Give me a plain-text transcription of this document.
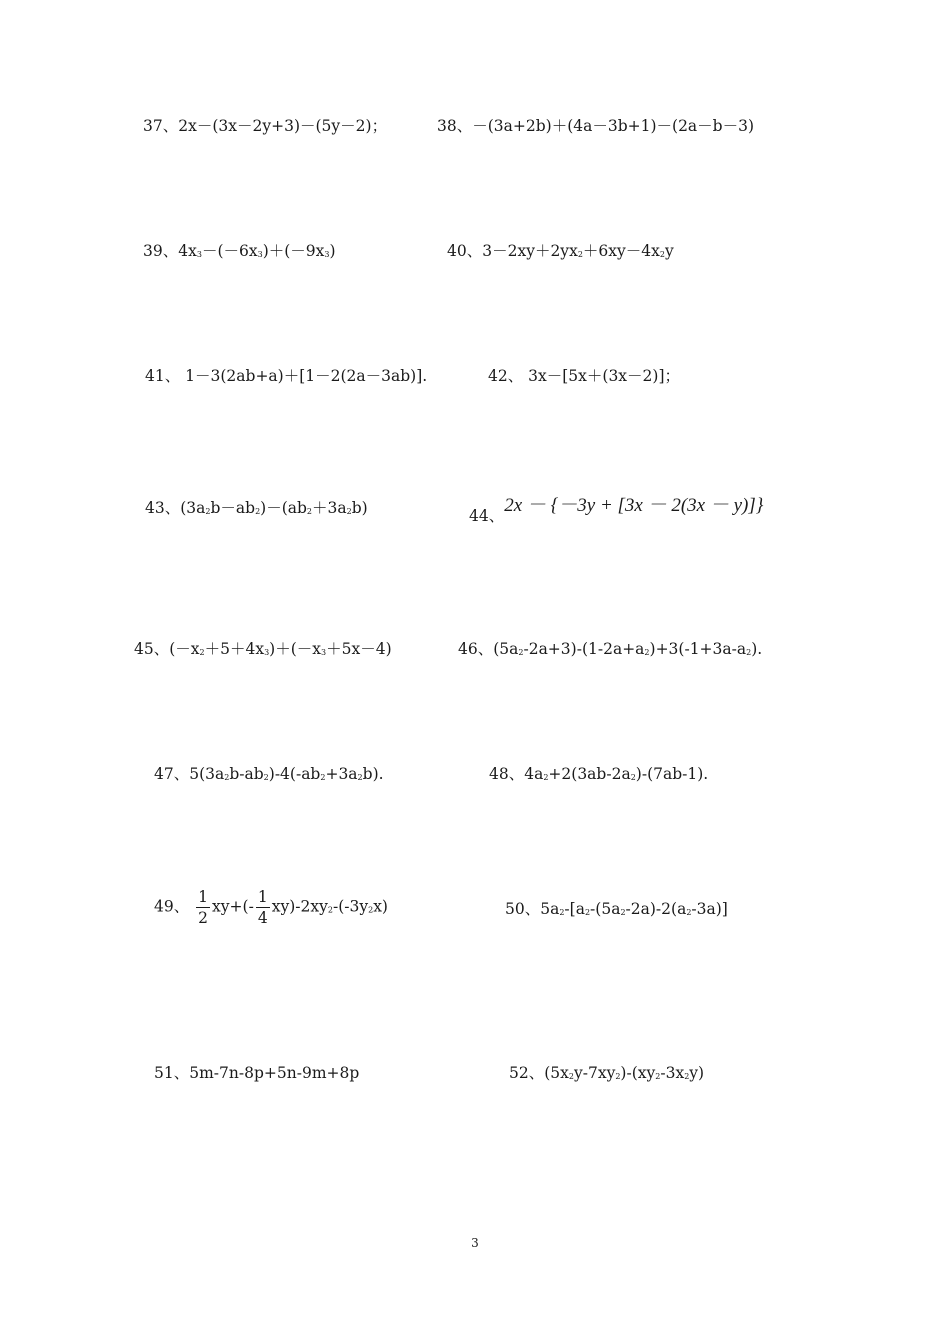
37、2x－(3x－2y+3)－(5y－2)；	38、－(3a+2b)＋(4a－3b+1)－(2a－b－3)
39、$4x_3-(-6x_3)+(-9x_3)$	40、$3-2xy+2yx_2+6xy-4x_2y$
41、 1－3(2ab+a)＋[1－2(2a－3ab)].	42、 3x－[5x＋(3x－2)]；
43、$(3a_2b-ab_2)-(ab_2+3a_2b)$	44、2x － {－3y + [3x － 2(3x － y)]}
45、$(-x_2+5+4x_3)+(-x_3+5x-4)$	46、$(5a_2-2a+3)-(1-2a+a_2)+3(-1+3a-a_2)$.
47、$5(3a_2b-ab_2)-4(-ab_2+3a_2b)$.	48、$4a_2+2(3ab-2a_2)-(7ab-1)$.
49、 $\frac{1}{2} xy+(- \frac{1}{4} xy)-2xy_2-(-3y_2x)$	50、$5a_2-[a_2-(5a_2-2a)-2(a_2-3a)]$
51、5m-7n-8p+5n-9m+8p	52、$(5x_2y-7xy_2)-(xy_2-3x_2y)$
3
